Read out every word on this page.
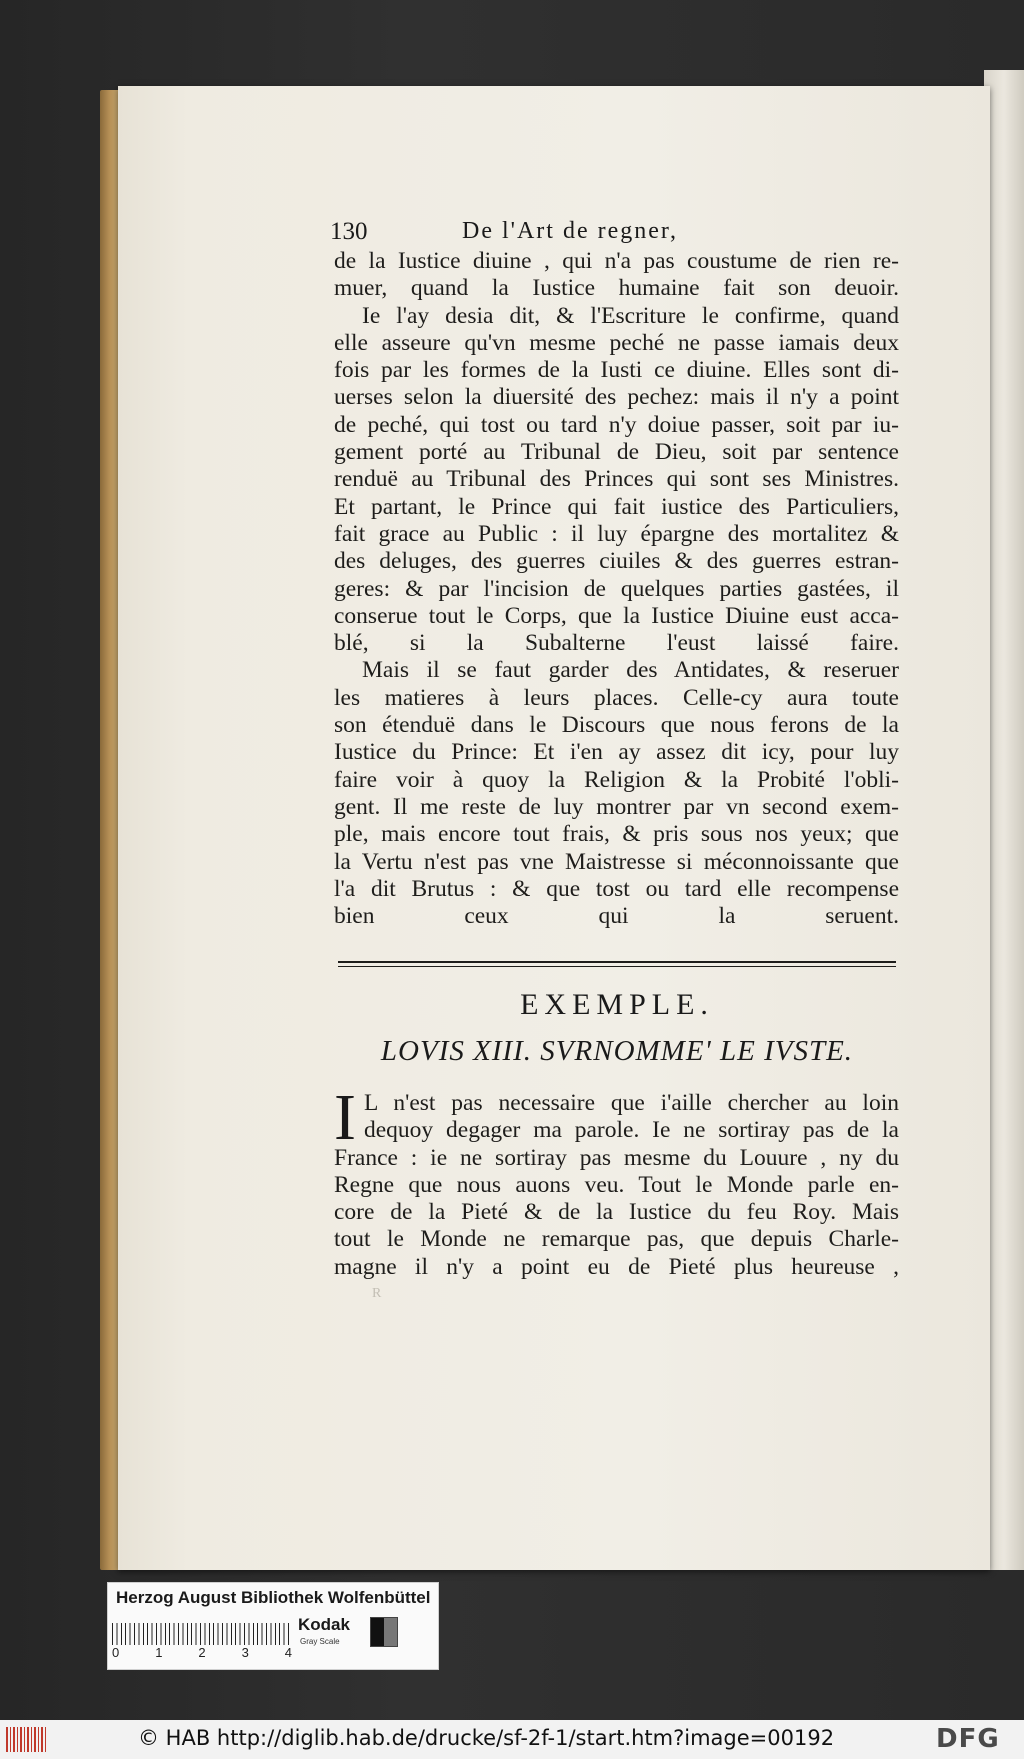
130	De l'Art de regner,

de la Iustice diuine , qui n'a pas coustume de rien re-
muer, quand la Iustice humaine fait son deuoir.

Ie l'ay desia dit, & l'Escriture le confirme, quand
elle asseure qu'vn mesme peché ne passe iamais deux
fois par les formes de la Iusti ce diuine. Elles sont di-
uerses selon la diuersité des pechez: mais il n'y a point
de peché, qui tost ou tard n'y doiue passer, soit par iu-
gement porté au Tribunal de Dieu, soit par sentence
renduë au Tribunal des Princes qui sont ses Ministres.
Et partant, le Prince qui fait iustice des Particuliers,
fait grace au Public : il luy épargne des mortalitez &
des deluges, des guerres ciuiles & des guerres estran-
geres: & par l'incision de quelques parties gastées, il
conserue tout le Corps, que la Iustice Diuine eust acca-
blé, si la Subalterne l'eust laissé faire.

Mais il se faut garder des Antidates, & reseruer
les matieres à leurs places. Celle-cy aura toute
son étenduë dans le Discours que nous ferons de la
Iustice du Prince: Et i'en ay assez dit icy, pour luy
faire voir à quoy la Religion & la Probité l'obli-
gent. Il me reste de luy montrer par vn second exem-
ple, mais encore tout frais, & pris sous nos yeux; que
la Vertu n'est pas vne Maistresse si méconnoissante que
l'a dit Brutus : & que tost ou tard elle recompense
bien ceux qui la seruent.

EXEMPLE.
LOVIS XIII. SVRNOMME' LE IVSTE.
I L n'est pas necessaire que i'aille chercher au loin
dequoy degager ma parole. Ie ne sortiray pas de la
France : ie ne sortiray pas mesme du Louure , ny du
Regne que nous auons veu. Tout le Monde parle en-
core de la Pieté & de la Iustice du feu Roy. Mais
tout le Monde ne remarque pas, que depuis Charle-
magne il n'y a point eu de Pieté plus heureuse ,
R
Herzog August Bibliothek Wolfenbüttel
0	1	2	3	4
Kodak
Gray Scale
© HAB http://diglib.hab.de/drucke/sf-2f-1/start.htm?image=00192	DFG
